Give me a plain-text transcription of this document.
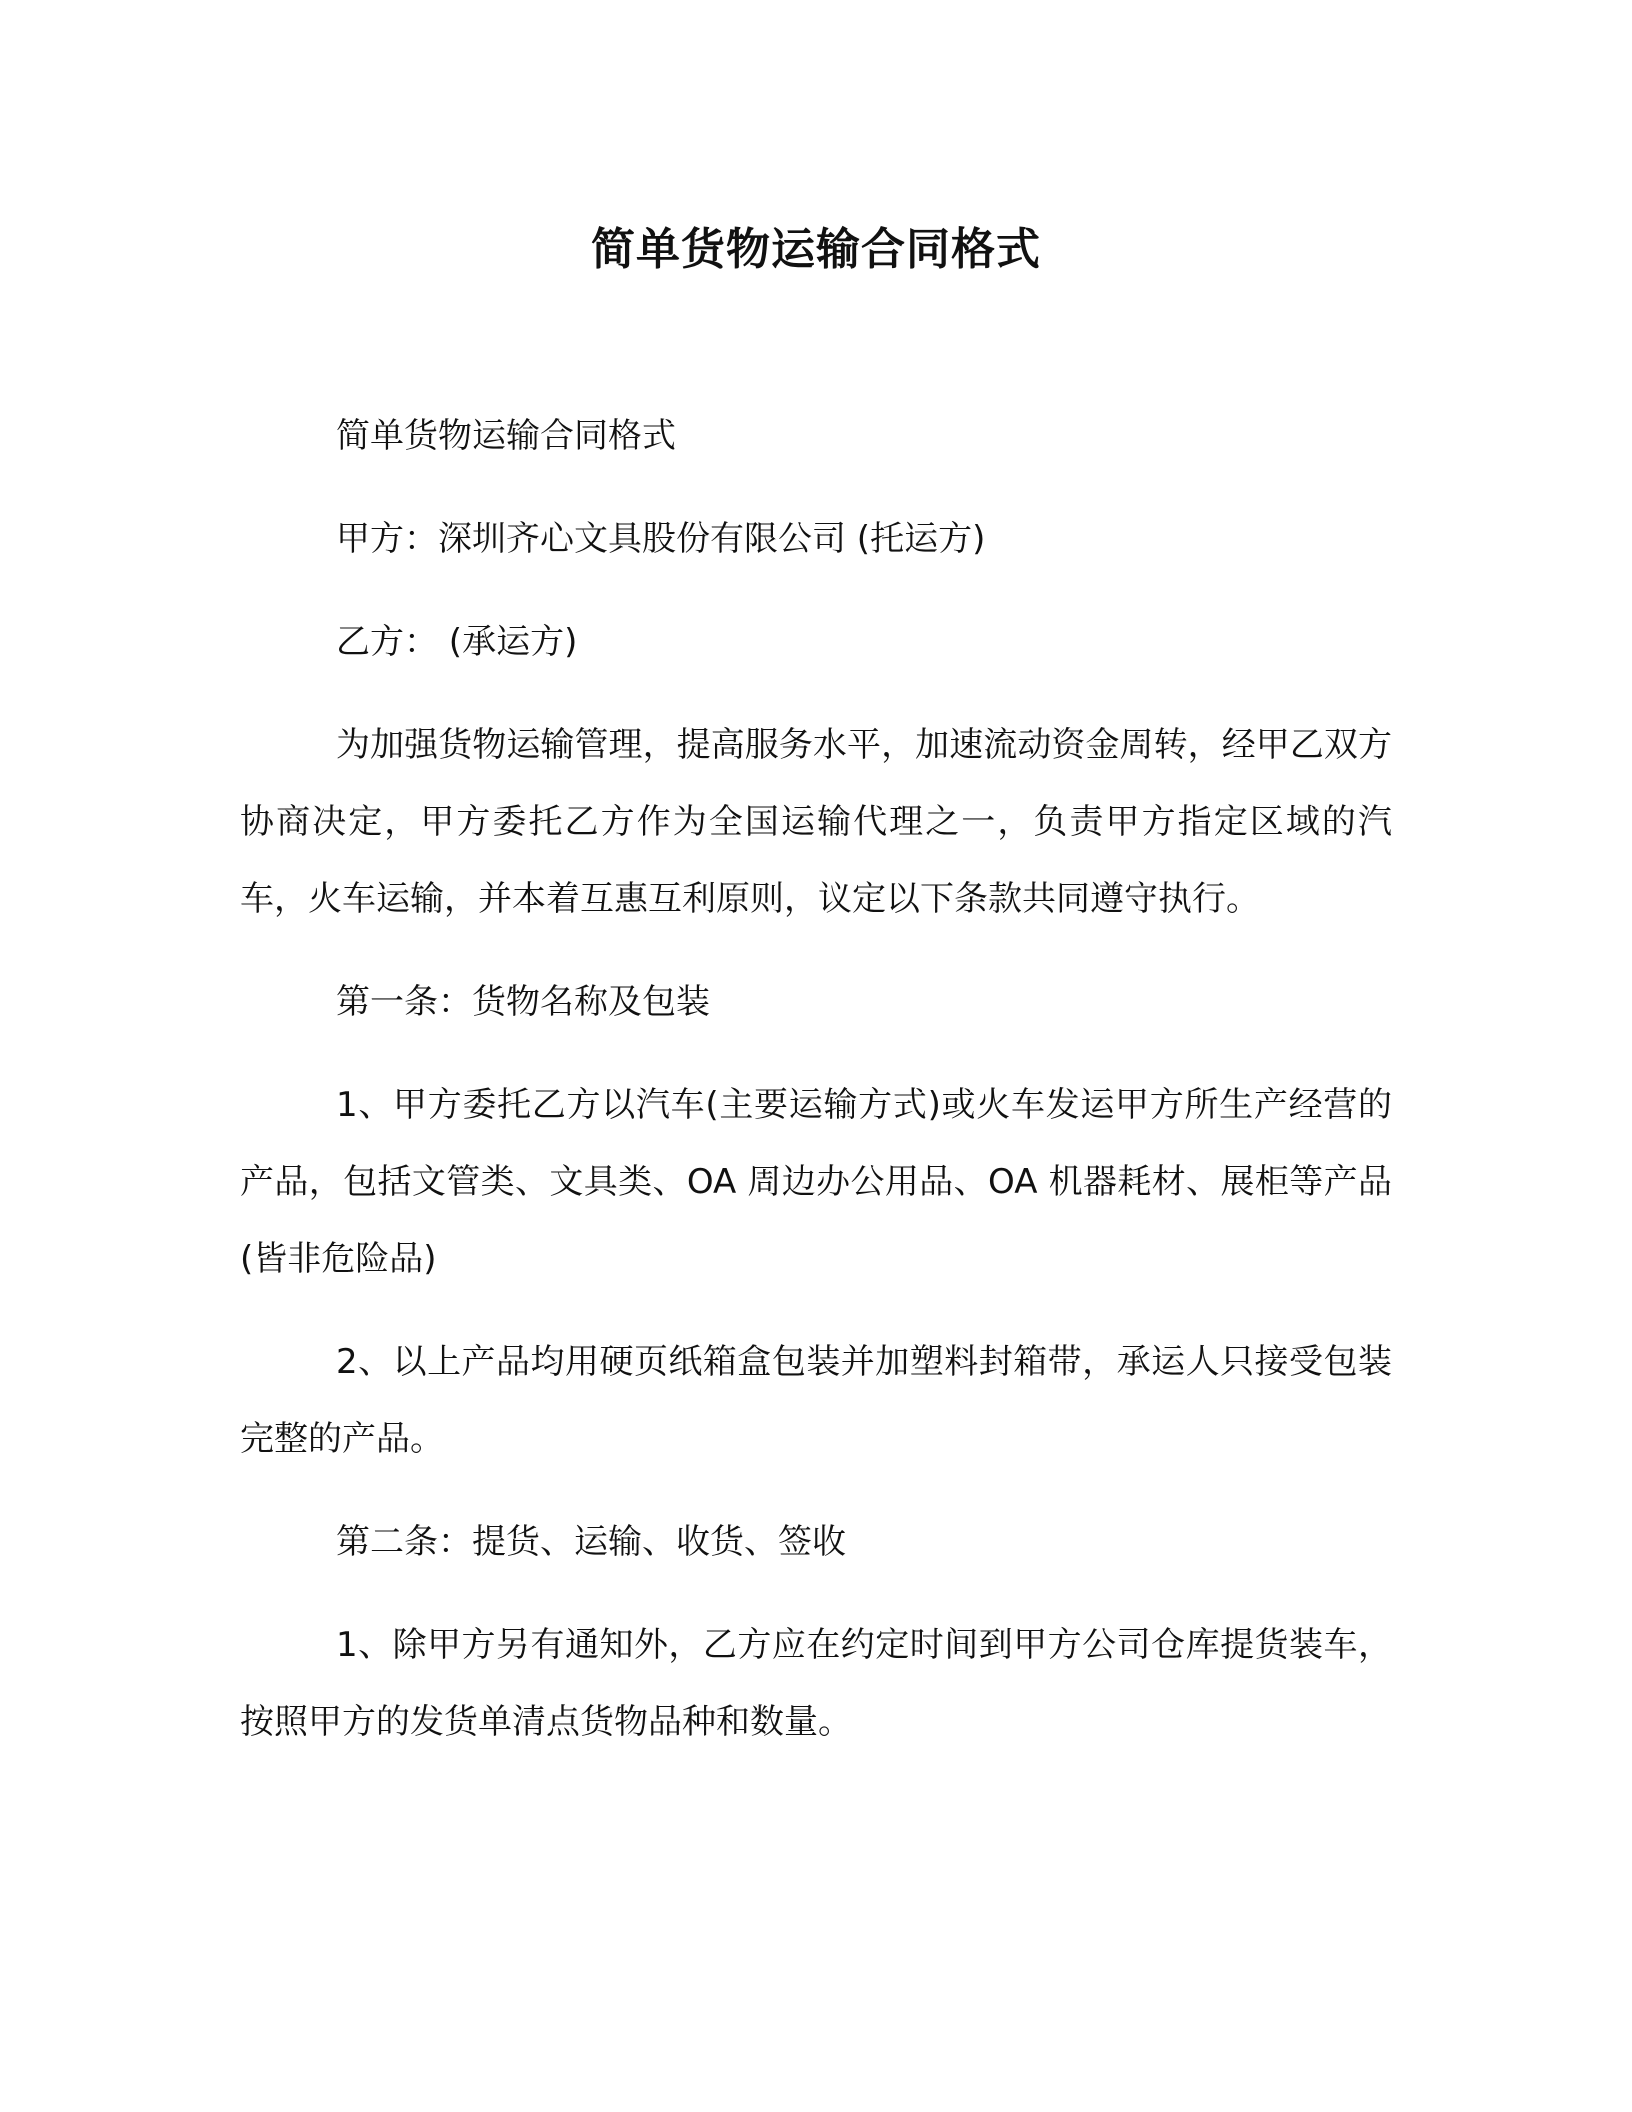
简单货物运输合同格式

简单货物运输合同格式

甲方：深圳齐心文具股份有限公司 (托运方)

乙方： (承运方)

为加强货物运输管理，提高服务水平，加速流动资金周转，经甲乙双方协商决定，甲方委托乙方作为全国运输代理之一，负责甲方指定区域的汽车，火车运输，并本着互惠互利原则，议定以下条款共同遵守执行。

第一条：货物名称及包装

1、甲方委托乙方以汽车(主要运输方式)或火车发运甲方所生产经营的产品，包括文管类、文具类、OA 周边办公用品、OA 机器耗材、展柜等产品(皆非危险品)

2、以上产品均用硬页纸箱盒包装并加塑料封箱带，承运人只接受包装完整的产品。

第二条：提货、运输、收货、签收

1、除甲方另有通知外，乙方应在约定时间到甲方公司仓库提货装车，按照甲方的发货单清点货物品种和数量。
